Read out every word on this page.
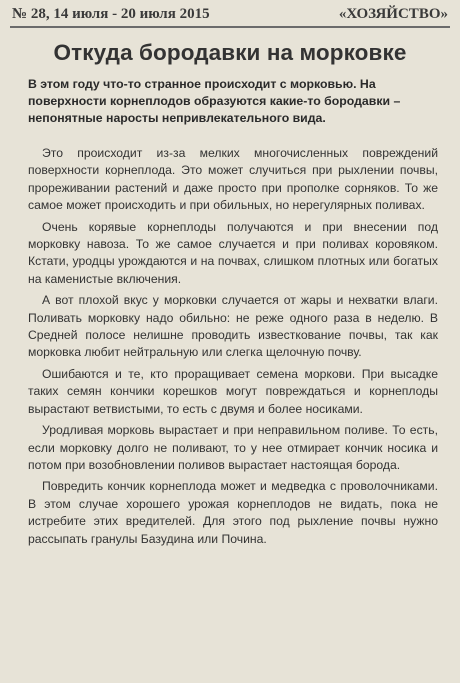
№ 28, 14 июля - 20 июля 2015	«ХОЗЯЙСТВО»
Откуда бородавки на морковке
В этом году что-то странное происходит с морковью. На поверхности корнеплодов образуются какие-то бородавки – непонятные наросты непривлекательного вида.

Это происходит из-за мелких многочисленных повреждений поверхности корнеплода. Это может случиться при рыхлении почвы, прореживании растений и даже просто при прополке сорняков. То же самое может происходить и при обильных, но нерегулярных поливах.

Очень корявые корнеплоды получаются и при внесении под морковку навоза. То же самое случается и при поливах коровяком. Кстати, уродцы урождаются и на почвах, слишком плотных или богатых на каменистые включения.

А вот плохой вкус у морковки случается от жары и нехватки влаги. Поливать морковку надо обильно: не реже одного раза в неделю. В Средней полосе нелишне проводить известкование почвы, так как морковка любит нейтральную или слегка щелочную почву.

Ошибаются и те, кто проращивает семена моркови. При высадке таких семян кончики корешков могут повреждаться и корнеплоды вырастают ветвистыми, то есть с двумя и более носиками.

Уродливая морковь вырастает и при неправильном поливе. То есть, если морковку долго не поливают, то у нее отмирает кончик носика и потом при возобновлении поливов вырастает настоящая борода.

Повредить кончик корнеплода может и медведка с проволочниками. В этом случае хорошего урожая корнеплодов не видать, пока не истребите этих вредителей. Для этого под рыхление почвы нужно рассыпать гранулы Базудина или Почина.
